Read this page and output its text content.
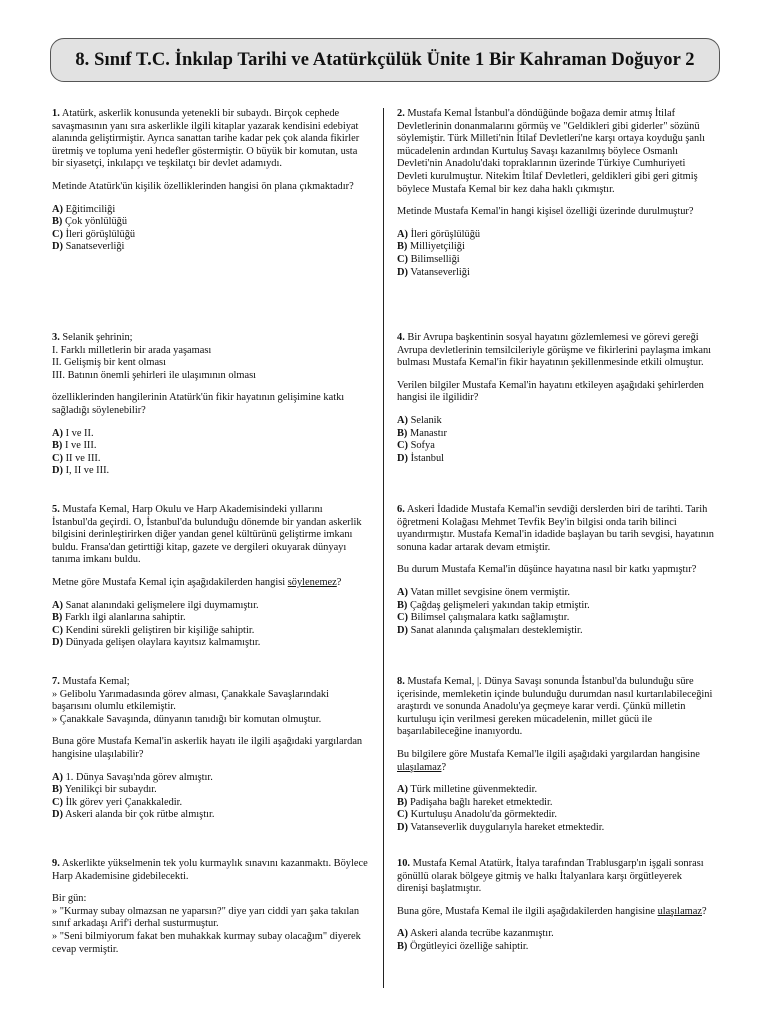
8. Sınıf T.C. İnkılap Tarihi ve Atatürkçülük Ünite 1 Bir Kahraman Doğuyor 2

1. Atatürk, askerlik konusunda yetenekli bir subaydı. Birçok cephede savaşmasının yanı sıra askerlikle ilgili kitaplar yazarak kendisini edebiyat alanında geliştirmiştir. Ayrıca sanattan tarihe kadar pek çok alanda fikirler üretmiş ve topluma yeni hedefler göstermiştir. O büyük bir komutan, usta bir siyasetçi, inkılapçı ve teşkilatçı bir devlet adamıydı.

Metinde Atatürk'ün kişilik özelliklerinden hangisi ön plana çıkmaktadır?

A) Eğitimciliği
B) Çok yönlülüğü
C) İleri görüşlülüğü
D) Sanatseverliği

3. Selanik şehrinin;

I. Farklı milletlerin bir arada yaşaması
II. Gelişmiş bir kent olması
III. Batının önemli şehirleri ile ulaşımının olması

özelliklerinden hangilerinin Atatürk'ün fikir hayatının gelişimine katkı sağladığı söylenebilir?

A) I ve II.
B) I ve III.
C) II ve III.
D) I, II ve III.

5. Mustafa Kemal, Harp Okulu ve Harp Akademisindeki yıllarını İstanbul'da geçirdi. O, İstanbul'da bulunduğu dönemde bir yandan askerlik bilgisini derinleştirirken diğer yandan genel kültürünü geliştirme imkanı buldu. Fransa'dan getirttiği kitap, gazete ve dergileri okuyarak dünyayı tanıma imkanı buldu.

Metne göre Mustafa Kemal için aşağıdakilerden hangisi söylenemez?

A) Sanat alanındaki gelişmelere ilgi duymamıştır.
B) Farklı ilgi alanlarına sahiptir.
C) Kendini sürekli geliştiren bir kişiliğe sahiptir.
D) Dünyada gelişen olaylara kayıtsız kalmamıştır.

7. Mustafa Kemal;

» Gelibolu Yarımadasında görev alması, Çanakkale Savaşlarındaki başarısını olumlu etkilemiştir.
» Çanakkale Savaşında, dünyanın tanıdığı bir komutan olmuştur.

Buna göre Mustafa Kemal'in askerlik hayatı ile ilgili aşağıdaki yargılardan hangisine ulaşılabilir?

A) 1. Dünya Savaşı'nda görev almıştır.
B) Yenilikçi bir subaydır.
C) İlk görev yeri Çanakkaledir.
D) Askeri alanda bir çok rütbe almıştır.

9. Askerlikte yükselmenin tek yolu kurmaylık sınavını kazanmaktı. Böylece Harp Akademisine gidebilecekti.

Bir gün:

» "Kurmay subay olmazsan ne yaparsın?" diye yarı ciddi yarı şaka takılan sınıf arkadaşı Arif'i derhal susturmuştur.
» "Seni bilmiyorum fakat ben muhakkak kurmay subay olacağım" diyerek cevap vermiştir.

2. Mustafa Kemal İstanbul'a döndüğünde boğaza demir atmış İtilaf Devletlerinin donanmalarını görmüş ve "Geldikleri gibi giderler" sözünü söylemiştir. Türk Milleti'nin İtilaf Devletleri'ne karşı ortaya koyduğu şanlı mücadelenin ardından Kurtuluş Savaşı kazanılmış böylece Osmanlı Devleti'nin Anadolu'daki topraklarının üzerinde Türkiye Cumhuriyeti Devleti kurulmuştur. Nitekim İtilaf Devletleri, geldikleri gibi geri gitmiş böylece Mustafa Kemal bir kez daha haklı çıkmıştır.

Metinde Mustafa Kemal'in hangi kişisel özelliği üzerinde durulmuştur?

A) İleri görüşlülüğü
B) Milliyetçiliği
C) Bilimselliği
D) Vatanseverliği

4. Bir Avrupa başkentinin sosyal hayatını gözlemlemesi ve görevi gereği Avrupa devletlerinin temsilcileriyle görüşme ve fikirlerini paylaşma imkanı bulması Mustafa Kemal'in fikir hayatının şekillenmesinde etkili olmuştur.

Verilen bilgiler Mustafa Kemal'in hayatını etkileyen aşağıdaki şehirlerden hangisi ile ilgilidir?

A) Selanik
B) Manastır
C) Sofya
D) İstanbul

6. Askeri İdadide Mustafa Kemal'in sevdiği derslerden biri de tarihti. Tarih öğretmeni Kolağası Mehmet Tevfik Bey'in bilgisi onda tarih bilinci uyandırmıştır. Mustafa Kemal'in idadide başlayan bu tarih sevgisi, hayatının sonuna kadar artarak devam etmiştir.

Bu durum Mustafa Kemal'in düşünce hayatına nasıl bir katkı yapmıştır?

A) Vatan millet sevgisine önem vermiştir.
B) Çağdaş gelişmeleri yakından takip etmiştir.
C) Bilimsel çalışmalara katkı sağlamıştır.
D) Sanat alanında çalışmaları desteklemiştir.

8. Mustafa Kemal, |. Dünya Savaşı sonunda İstanbul'da bulunduğu süre içerisinde, memleketin içinde bulunduğu durumdan nasıl kurtarılabileceğini araştırdı ve sonunda Anadolu'ya geçmeye karar verdi. Çünkü milletin kurtuluşu için verilmesi gereken mücadelenin, millet gücü ile başarılabileceğine inanıyordu.

Bu bilgilere göre Mustafa Kemal'le ilgili aşağıdaki yargılardan hangisine ulaşılamaz?

A) Türk milletine güvenmektedir.
B) Padişaha bağlı hareket etmektedir.
C) Kurtuluşu Anadolu'da görmektedir.
D) Vatanseverlik duygularıyla hareket etmektedir.

10. Mustafa Kemal Atatürk, İtalya tarafından Trablusgarp'ın işgali sonrası gönüllü olarak bölgeye gitmiş ve halkı İtalyanlara karşı örgütleyerek direnişi başlatmıştır.

Buna göre, Mustafa Kemal ile ilgili aşağıdakilerden hangisine ulaşılamaz?

A) Askeri alanda tecrübe kazanmıştır.
B) Örgütleyici özelliğe sahiptir.
